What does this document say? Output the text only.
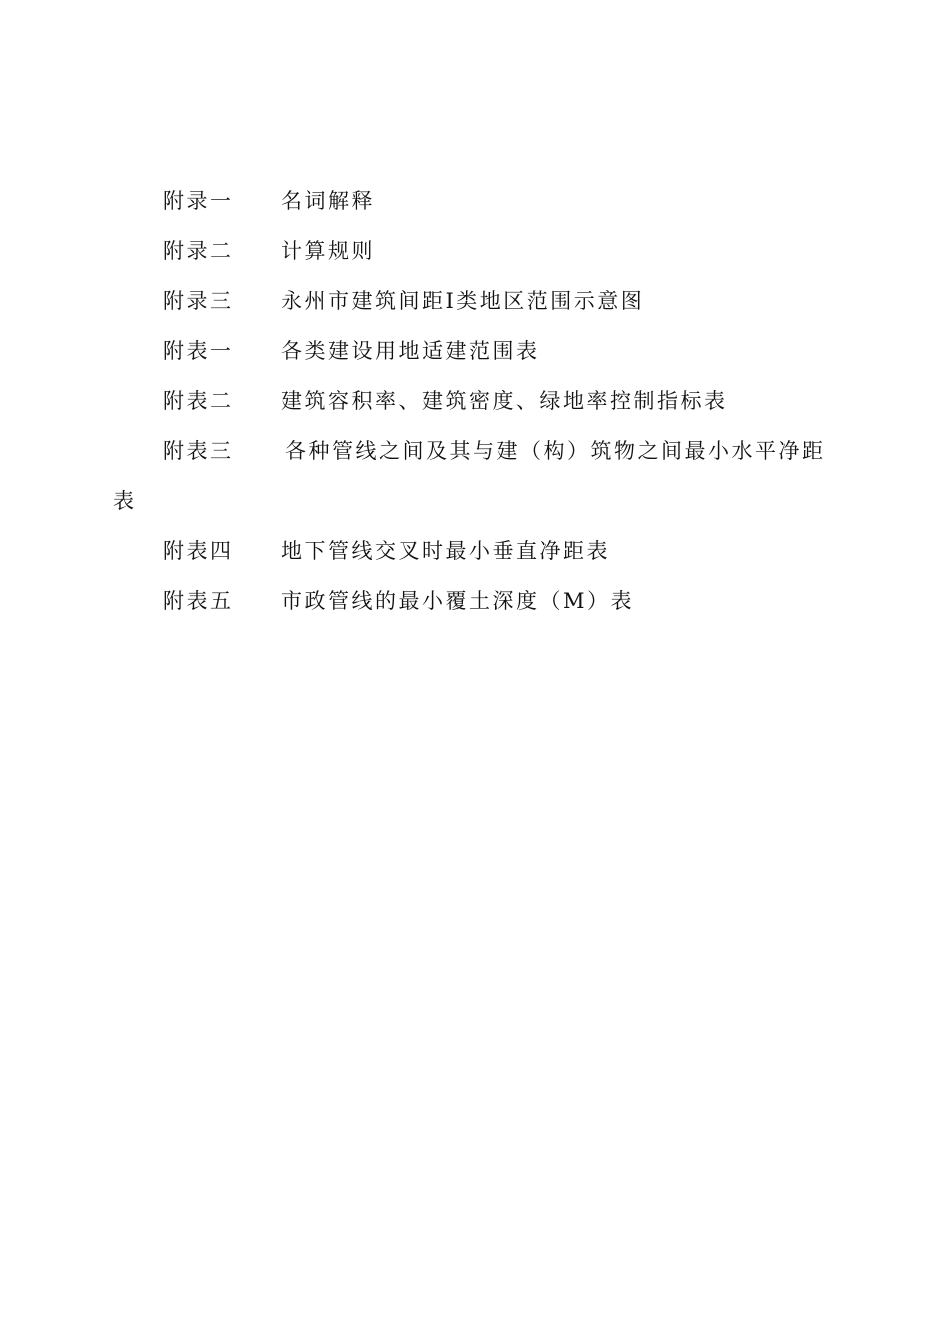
附录一 名词解释
附录二 计算规则
附录三 永州市建筑间距Ⅰ类地区范围示意图
附表一 各类建设用地适建范围表
附表二 建筑容积率、建筑密度、绿地率控制指标表
附表三 各种管线之间及其与建（构）筑物之间最小水平净距
表
附表四 地下管线交叉时最小垂直净距表
附表五 市政管线的最小覆土深度（M）表
